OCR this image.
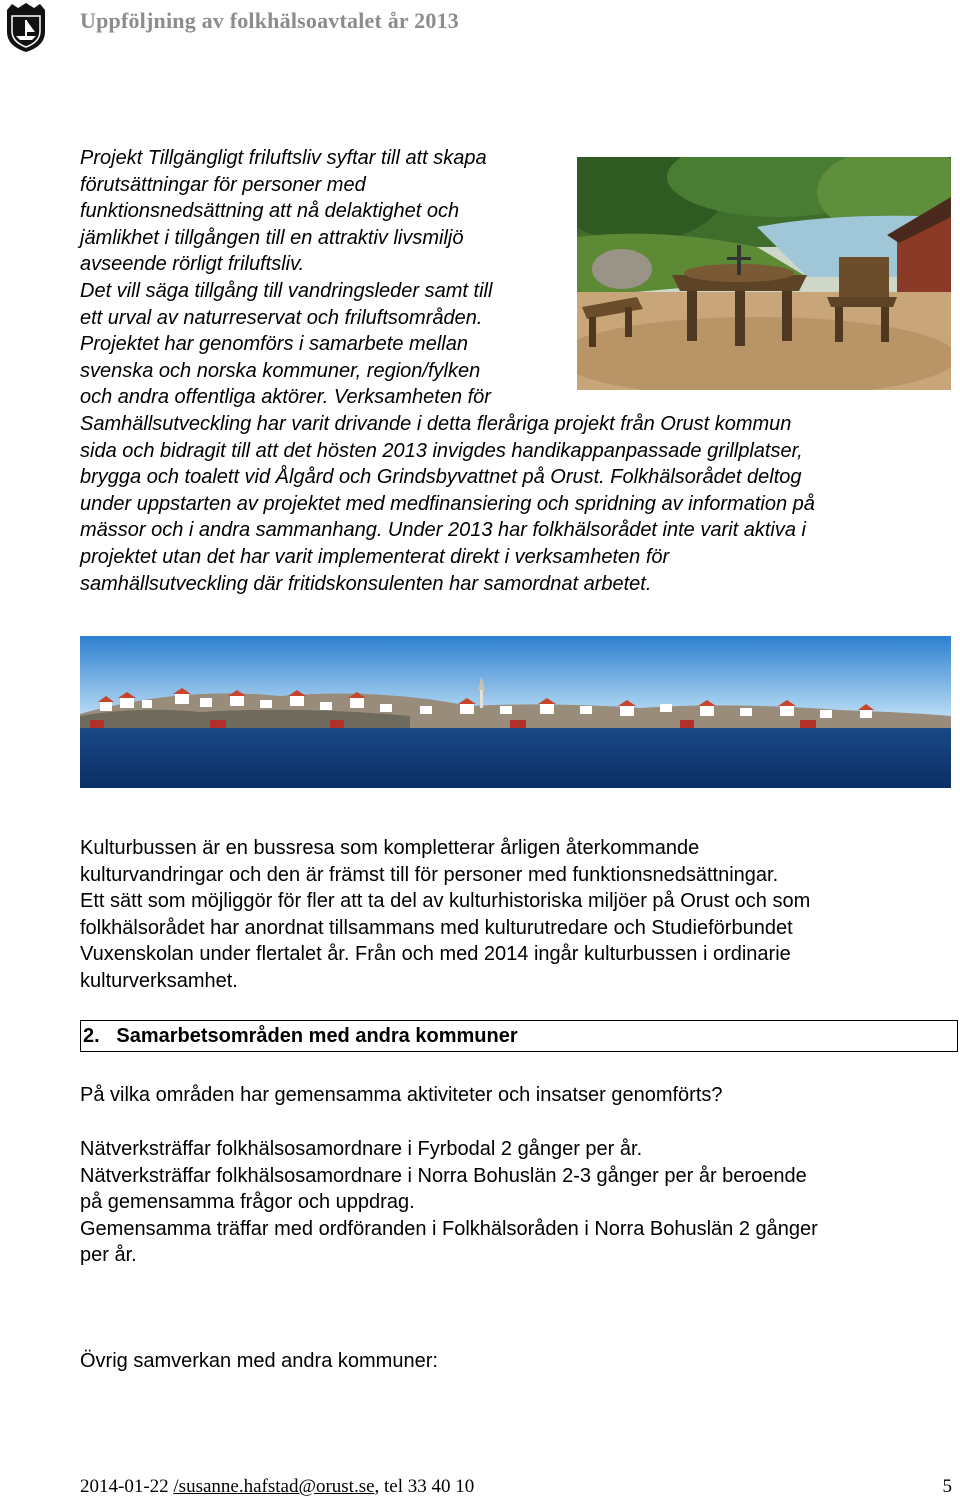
Uppföljning av folkhälsoavtalet år 2013
Projekt Tillgängligt friluftsliv syftar till att skapa
förutsättningar för personer med
funktionsnedsättning att nå delaktighet och
jämlikhet i tillgången till en attraktiv livsmiljö
avseende rörligt friluftsliv.
Det vill säga tillgång till vandringsleder samt till
ett urval av naturreservat och friluftsområden.
Projektet har genomförs i samarbete mellan
svenska och norska kommuner, region/fylken
och andra offentliga aktörer. Verksamheten för
Samhällsutveckling har varit drivande i detta fleråriga projekt från Orust kommun
sida och bidragit till att det hösten 2013 invigdes handikappanpassade grillplatser,
brygga och toalett vid Ålgård och Grindsbyvattnet på Orust. Folkhälsorådet deltog
under uppstarten av projektet med medfinansiering och spridning av information på
mässor och i andra sammanhang. Under 2013 har folkhälsorådet inte varit aktiva i
projektet utan det har varit implementerat direkt i verksamheten för
samhällsutveckling där fritidskonsulenten har samordnat arbetet.
Kulturbussen är en bussresa som kompletterar årligen återkommande
kulturvandringar och den är främst till för personer med funktionsnedsättningar.
Ett sätt som möjliggör för fler att ta del av kulturhistoriska miljöer på Orust och som
folkhälsorådet har anordnat tillsammans med kulturutredare och Studieförbundet
Vuxenskolan under flertalet år. Från och med 2014 ingår kulturbussen i ordinarie
kulturverksamhet.
2. Samarbetsområden med andra kommuner
På vilka områden har gemensamma aktiviteter och insatser genomförts?
Nätverksträffar folkhälsosamordnare i Fyrbodal 2 gånger per år.
Nätverksträffar folkhälsosamordnare i Norra Bohuslän 2-3 gånger per år beroende
på gemensamma frågor och uppdrag.
Gemensamma träffar med ordföranden i Folkhälsoråden i Norra Bohuslän 2 gånger
per år.
Övrig samverkan med andra kommuner:
2014-01-22 /susanne.hafstad@orust.se, tel 33 40 10	5
